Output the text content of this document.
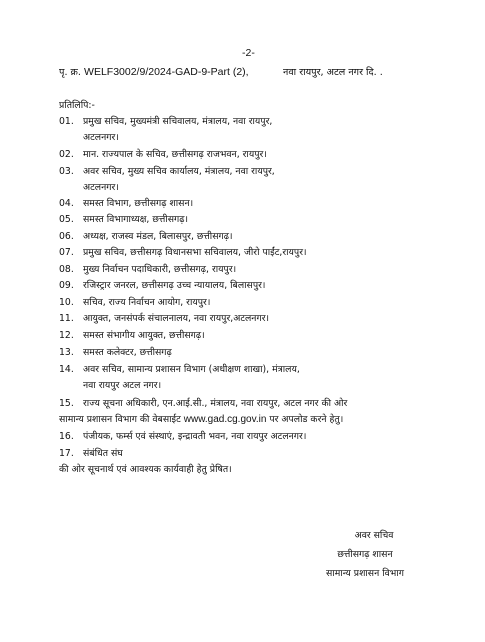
-2-
पृ. क्र. WELF3002/9/2024-GAD-9-Part (2),	नवा रायपुर, अटल नगर दि. .
प्रतिलिपि:-
01. प्रमुख सचिव, मुख्यमंत्री सचिवालय, मंत्रालय, नवा रायपुर,
अटलनगर।
02. मान. राज्यपाल के सचिव, छत्तीसगढ़ राजभवन, रायपुर।
03. अवर सचिव, मुख्य सचिव कार्यालय, मंत्रालय, नवा रायपुर,
अटलनगर।
04. समस्त विभाग, छत्तीसगढ़ शासन।
05. समस्त विभागाध्यक्ष, छत्तीसगढ़।
06. अध्यक्ष, राजस्व मंडल, बिलासपुर, छत्तीसगढ़।
07. प्रमुख सचिव, छत्तीसगढ़ विधानसभा सचिवालय, जीरो पाईंट,रायपुर।
08. मुख्य निर्वाचन पदाधिकारी, छत्तीसगढ़, रायपुर।
09. रजिस्ट्रार जनरल, छत्तीसगढ़ उच्च न्यायालय, बिलासपुर।
10. सचिव, राज्य निर्वाचन आयोग, रायपुर।
11. आयुक्त, जनसंपर्क संचालनालय, नवा रायपुर,अटलनगर।
12. समस्त संभागीय आयुक्त, छत्तीसगढ़।
13. समस्त कलेक्टर, छत्तीसगढ़
14. अवर सचिव, सामान्य प्रशासन विभाग (अधीक्षण शाखा), मंत्रालय,
नवा रायपुर अटल नगर।
15. राज्य सूचना अधिकारी, एन.आई.सी., मंत्रालय, नवा रायपुर, अटल नगर की ओर
सामान्य प्रशासन विभाग की वेबसाईट www.gad.cg.gov.in पर अपलोड करने हेतु।
16. पंजीयक, फर्म्स एवं संस्थाएं, इन्द्रावती भवन, नवा रायपुर अटलनगर।
17. संबंधित संघ
की ओर सूचनार्थ एवं आवश्यक कार्यवाही हेतु प्रेषित।
अवर सचिव
छत्तीसगढ़ शासन
सामान्य प्रशासन विभाग
